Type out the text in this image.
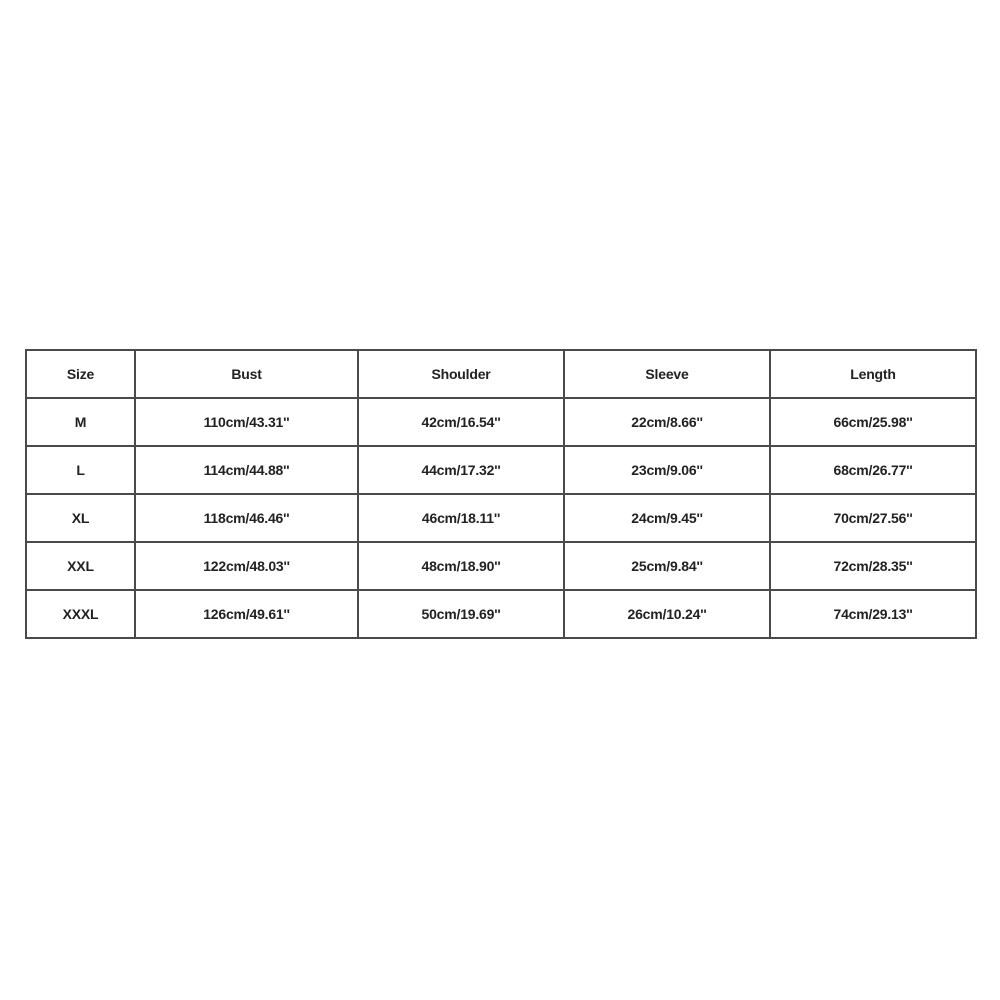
Size	Bust	Shoulder	Sleeve	Length
M	110cm/43.31''	42cm/16.54''	22cm/8.66''	66cm/25.98''
L	114cm/44.88''	44cm/17.32''	23cm/9.06''	68cm/26.77''
XL	118cm/46.46''	46cm/18.11''	24cm/9.45''	70cm/27.56''
XXL	122cm/48.03''	48cm/18.90''	25cm/9.84''	72cm/28.35''
XXXL	126cm/49.61''	50cm/19.69''	26cm/10.24''	74cm/29.13''
